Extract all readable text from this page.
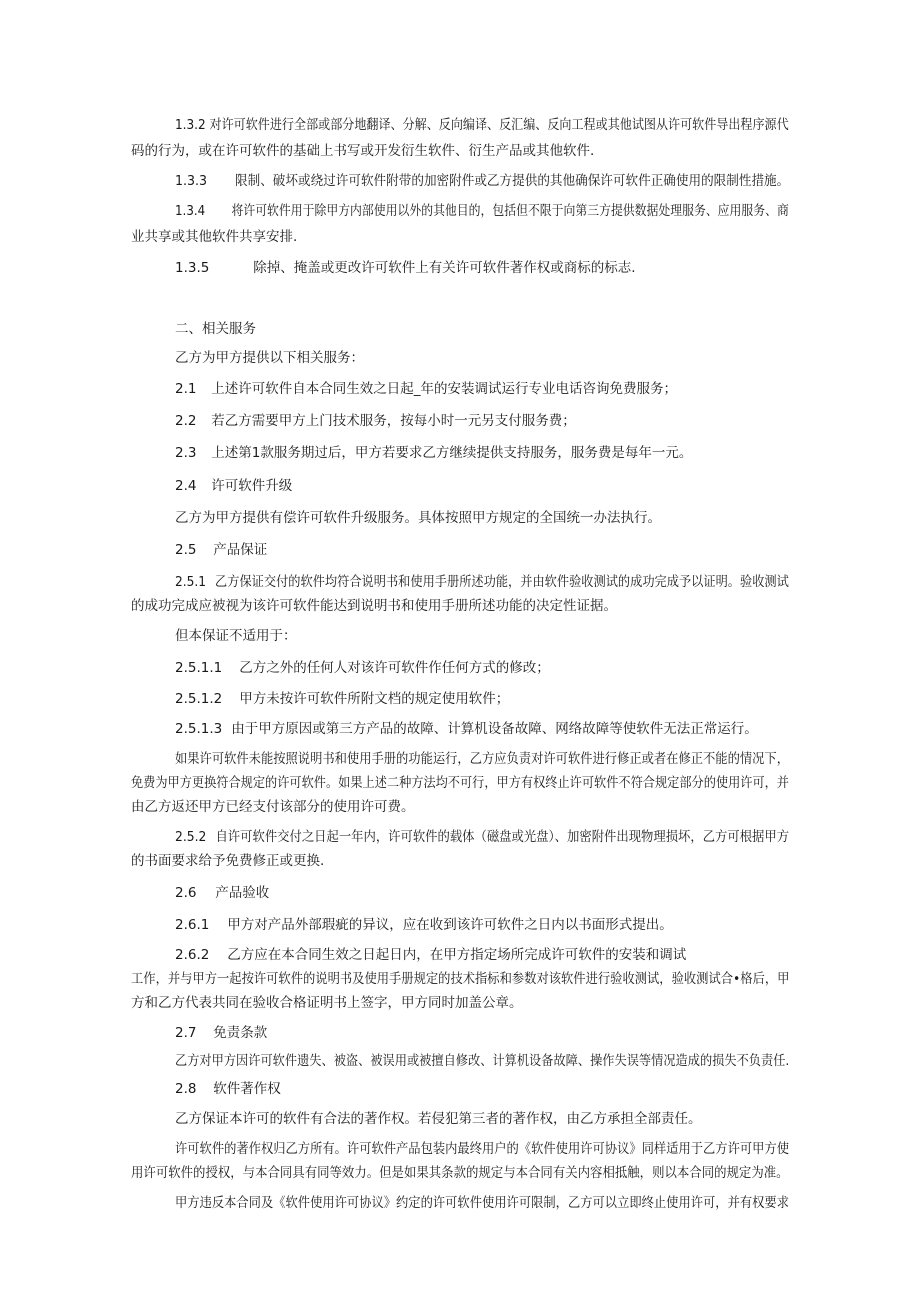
1.3.2 对许可软件进行全部或部分地翻译、分解、反向编译、反汇编、反向工程或其他试图从许可软件导出程序源代
码的行为，或在许可软件的基础上书写或开发衍生软件、衍生产品或其他软件.
1.3.3 限制、破坏或绕过许可软件附带的加密附件或乙方提供的其他确保许可软件正确使用的限制性措施。
1.3.4 将许可软件用于除甲方内部使用以外的其他目的，包括但不限于向第三方提供数据处理服务、应用服务、商
业共享或其他软件共享安排.
1.3.5	除掉、掩盖或更改许可软件上有关许可软件著作权或商标的标志.
二、相关服务
乙方为甲方提供以下相关服务：
2.1 上述许可软件自本合同生效之日起_年的安装调试运行专业电话咨询免费服务；
2.2 若乙方需要甲方上门技术服务，按每小时一元另支付服务费；
2.3 上述第1款服务期过后，甲方若要求乙方继续提供支持服务，服务费是每年一元。
2.4 许可软件升级
乙方为甲方提供有偿许可软件升级服务。具体按照甲方规定的全国统一办法执行。
2.5 产品保证
2.5.1 乙方保证交付的软件均符合说明书和使用手册所述功能，并由软件验收测试的成功完成予以证明。验收测试
的成功完成应被视为该许可软件能达到说明书和使用手册所述功能的决定性证据。
但本保证不适用于：
2.5.1.1 乙方之外的任何人对该许可软件作任何方式的修改；
2.5.1.2 甲方未按许可软件所附文档的规定使用软件；
2.5.1.3 由于甲方原因或第三方产品的故障、计算机设备故障、网络故障等使软件无法正常运行。
如果许可软件未能按照说明书和使用手册的功能运行，乙方应负责对许可软件进行修正或者在修正不能的情况下，
免费为甲方更换符合规定的许可软件。如果上述二种方法均不可行，甲方有权终止许可软件不符合规定部分的使用许可，并
由乙方返还甲方已经支付该部分的使用许可费。
2.5.2 自许可软件交付之日起一年内，许可软件的载体（磁盘或光盘）、加密附件出现物理损坏，乙方可根据甲方
的书面要求给予免费修正或更换.
2.6 产品验收
2.6.1 甲方对产品外部瑕疵的异议，应在收到该许可软件之日内以书面形式提出。
2.6.2 乙方应在本合同生效之日起日内，在甲方指定场所完成许可软件的安装和调试
工作，并与甲方一起按许可软件的说明书及使用手册规定的技术指标和参数对该软件进行验收测试，验收测试合•格后，甲
方和乙方代表共同在验收合格证明书上签字，甲方同时加盖公章。
2.7 免责条款
乙方对甲方因许可软件遗失、被盗、被误用或被擅自修改、计算机设备故障、操作失误等情况造成的损失不负责任.
2.8 软件著作权
乙方保证本许可的软件有合法的著作权。若侵犯第三者的著作权，由乙方承担全部责任。
许可软件的著作权归乙方所有。许可软件产品包装内最终用户的《软件使用许可协议》同样适用于乙方许可甲方使
用许可软件的授权，与本合同具有同等效力。但是如果其条款的规定与本合同有关内容相抵触，则以本合同的规定为准。
甲方违反本合同及《软件使用许可协议》约定的许可软件使用许可限制，乙方可以立即终止使用许可，并有权要求
